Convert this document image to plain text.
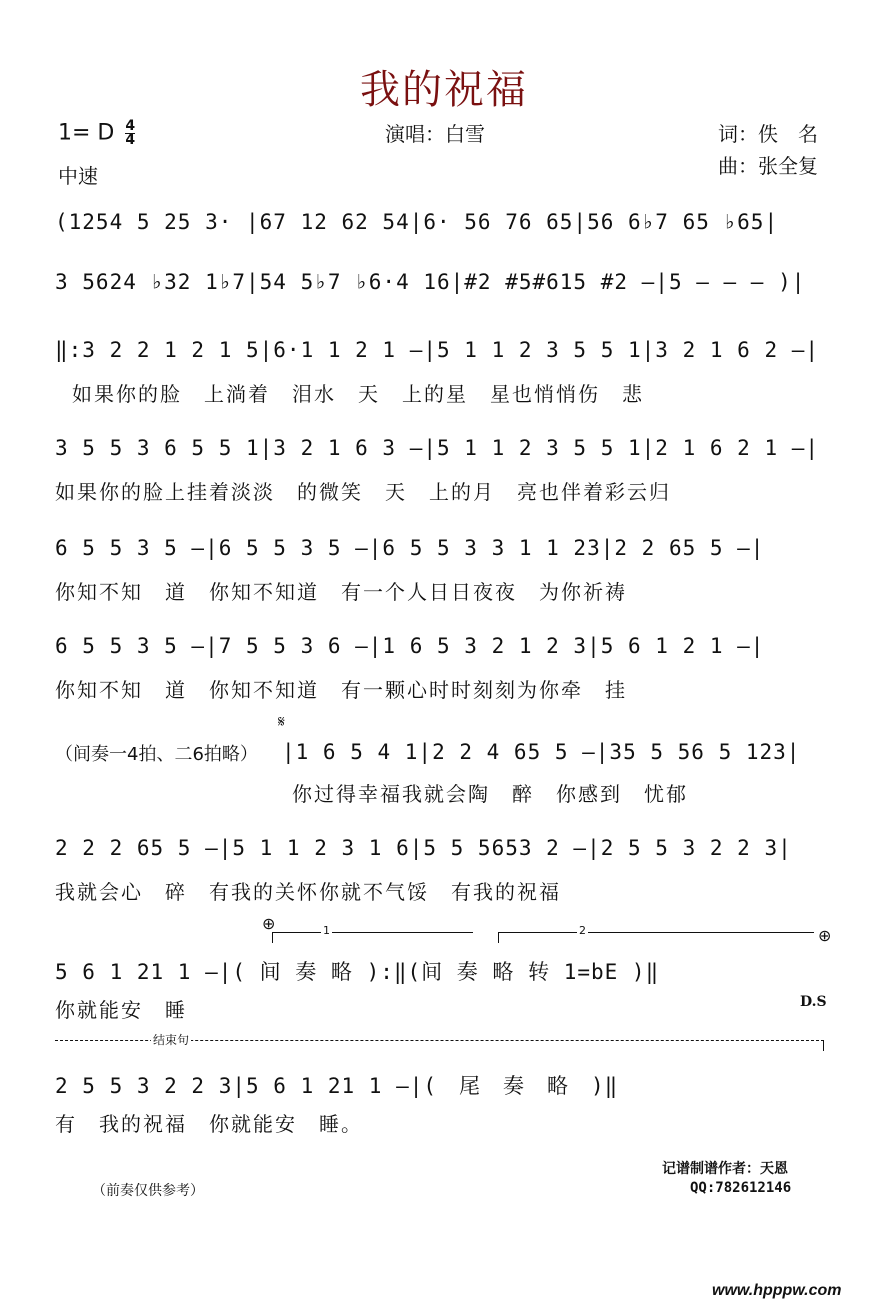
我的祝福
1= D $\frac{4}{4}$
中速
演唱：白雪	词：佚　名
曲：张全复
(1254 5 25 3· |67 12 62 54|6· 56 76 65|56 6♭7 65 ♭65|
3 5624 ♭32 1♭7|54 5♭7 ♭6·4 16|#2 #5#615 #2 –|5 – – – )|
‖:3 2 2 1 2 1 5|6·1 1 2 1 –|5 1 1 2 3 5 5 1|3 2 1 6 2 –|
如果你的脸　上淌着　泪水　天　上的星　星也悄悄伤　悲
3 5 5 3 6 5 5 1|3 2 1 6 3 –|5 1 1 2 3 5 5 1|2 1 6 2 1 –|
如果你的脸上挂着淡淡　的微笑　天　上的月　亮也伴着彩云归
6 5 5 3 5 –|6 5 5 3 5 –|6 5 5 3 3 1 1 23|2 2 65 5 –|
你知不知　道　你知不知道　有一个人日日夜夜　为你祈祷
6 5 5 3 5 –|7 5 5 3 6 –|1 6 5 3 2 1 2 3|5 6 1 2 1 –|
你知不知　道　你知不知道　有一颗心时时刻刻为你牵　挂
𝄋
（间奏一4拍、二6拍略） |1 6 5 4 1|2 2 4 65 5 –|35 5 56 5 123|
你过得幸福我就会陶　醉　你感到　忧郁
2 2 2 65 5 –|5 1 1 2 3 1 6|5 5 5653 2 –|2 5 5 3 2 2 3|
我就会心　碎　有我的关怀你就不气馁　有我的祝福
⊕	1	2	⊕
5 6 1 21 1 –|( 间 奏 略 ):‖(间 奏 略 转 1=bE )‖
你就能安　睡	D.S
结束句
2 5 5 3 2 2 3|5 6 1 21 1 –|(　尾　奏　略　)‖
有　我的祝福　你就能安　睡。
记谱制谱作者：天恩
（前奏仅供参考）	QQ:782612146
www.hpppw.com
